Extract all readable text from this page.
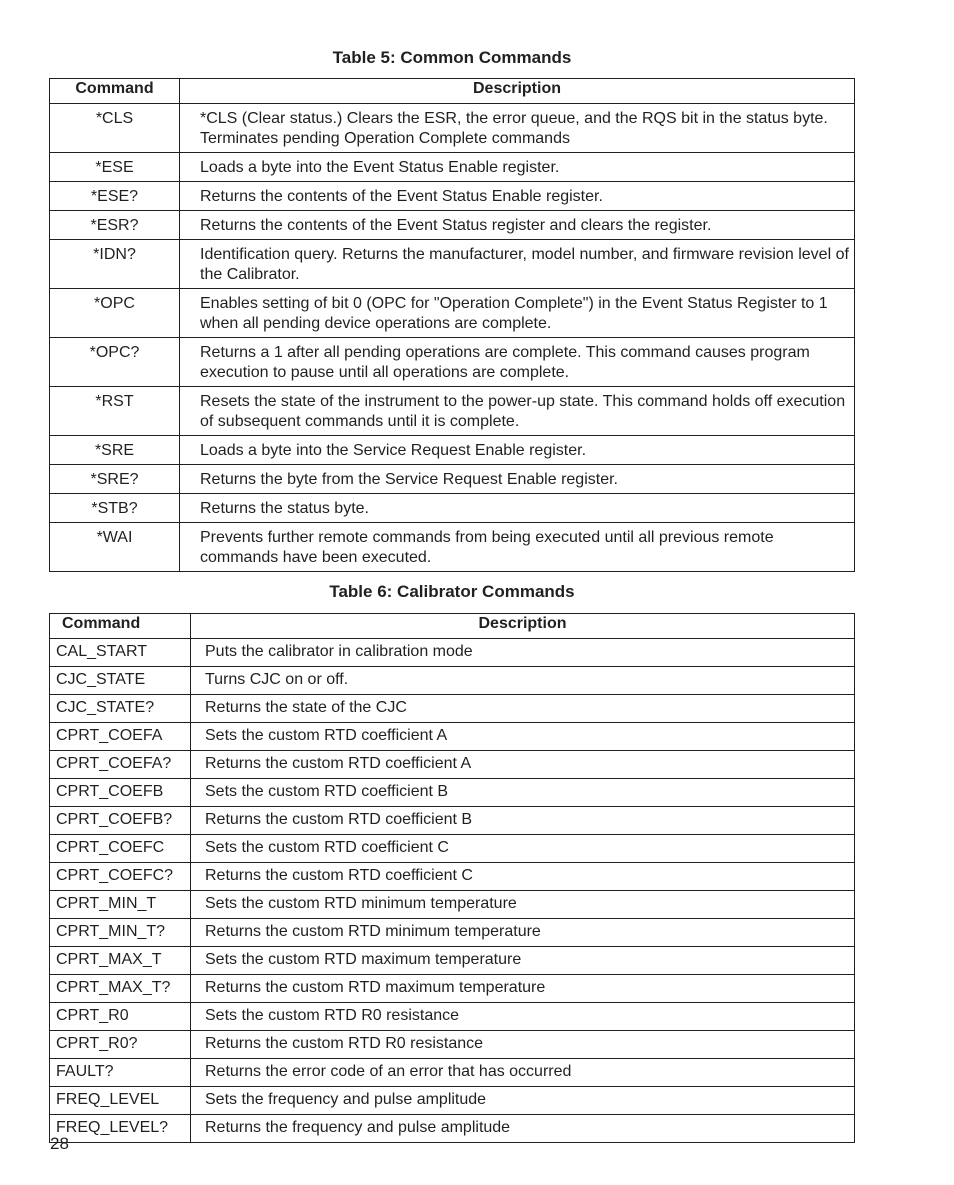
Table 5: Common Commands
Command	Description
*CLS	*CLS (Clear status.) Clears the ESR, the error queue, and the RQS bit in the status byte. Terminates pending Operation Complete commands
*ESE	Loads a byte into the Event Status Enable register.
*ESE?	Returns the contents of the Event Status Enable register.
*ESR?	Returns the contents of the Event Status register and clears the register.
*IDN?	Identification query. Returns the manufacturer, model number, and firmware revision level of the Calibrator.
*OPC	Enables setting of bit 0 (OPC for "Operation Complete") in the Event Status Register to 1 when all pending device operations are complete.
*OPC?	Returns a 1 after all pending operations are complete. This command causes program execution to pause until all operations are complete.
*RST	Resets the state of the instrument to the power-up state. This command holds off execution of subsequent commands until it is complete.
*SRE	Loads a byte into the Service Request Enable register.
*SRE?	Returns the byte from the Service Request Enable register.
*STB?	Returns the status byte.
*WAI	Prevents further remote commands from being executed until all previous remote commands have been executed.
Table 6: Calibrator Commands
Command	Description
CAL_START	Puts the calibrator in calibration mode
CJC_STATE	Turns CJC on or off.
CJC_STATE?	Returns the state of the CJC
CPRT_COEFA	Sets the custom RTD coefficient A
CPRT_COEFA?	Returns the custom RTD coefficient A
CPRT_COEFB	Sets the custom RTD coefficient B
CPRT_COEFB?	Returns the custom RTD coefficient B
CPRT_COEFC	Sets the custom RTD coefficient C
CPRT_COEFC?	Returns the custom RTD coefficient C
CPRT_MIN_T	Sets the custom RTD minimum temperature
CPRT_MIN_T?	Returns the custom RTD minimum temperature
CPRT_MAX_T	Sets the custom RTD maximum temperature
CPRT_MAX_T?	Returns the custom RTD maximum temperature
CPRT_R0	Sets the custom RTD R0 resistance
CPRT_R0?	Returns the custom RTD R0 resistance
FAULT?	Returns the error code of an error that has occurred
FREQ_LEVEL	Sets the frequency and pulse amplitude
FREQ_LEVEL?	Returns the frequency and pulse amplitude
28
